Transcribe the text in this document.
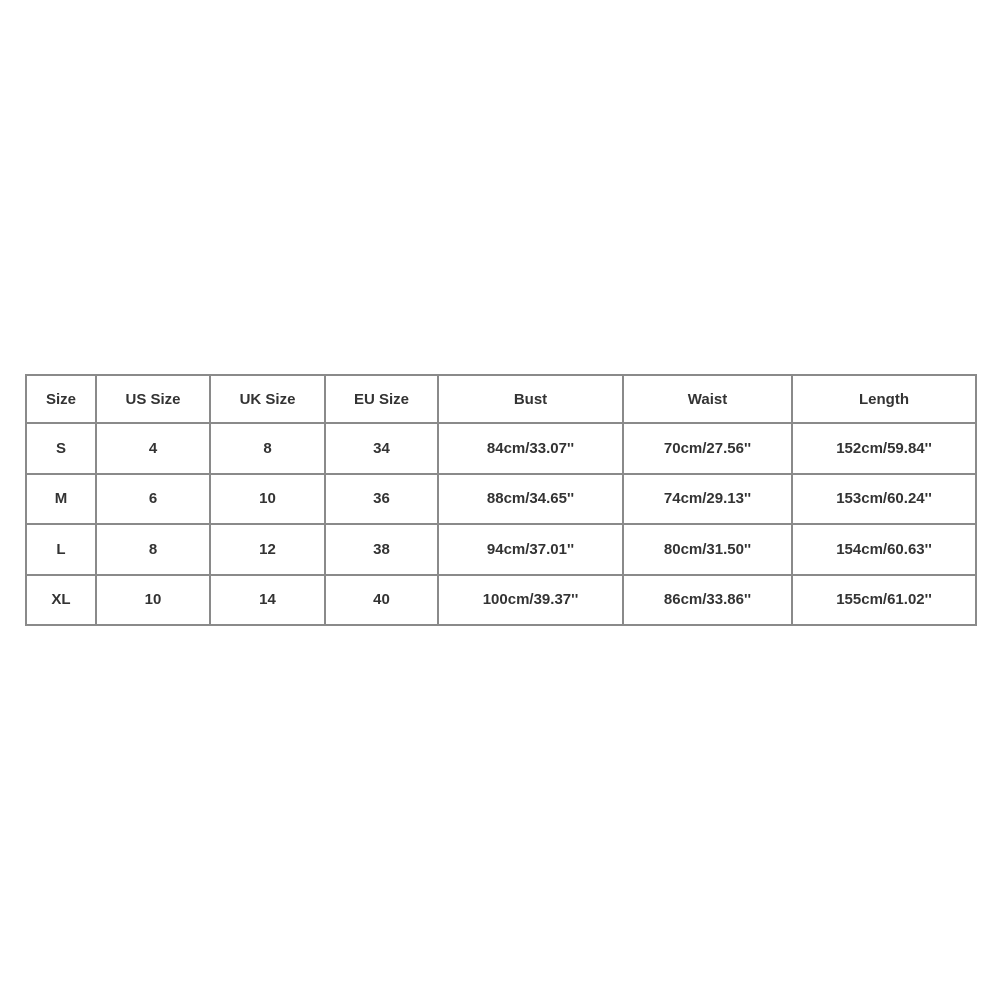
Size	US Size	UK Size	EU Size	Bust	Waist	Length
S	4	8	34	84cm/33.07''	70cm/27.56''	152cm/59.84''
M	6	10	36	88cm/34.65''	74cm/29.13''	153cm/60.24''
L	8	12	38	94cm/37.01''	80cm/31.50''	154cm/60.63''
XL	10	14	40	100cm/39.37''	86cm/33.86''	155cm/61.02''
